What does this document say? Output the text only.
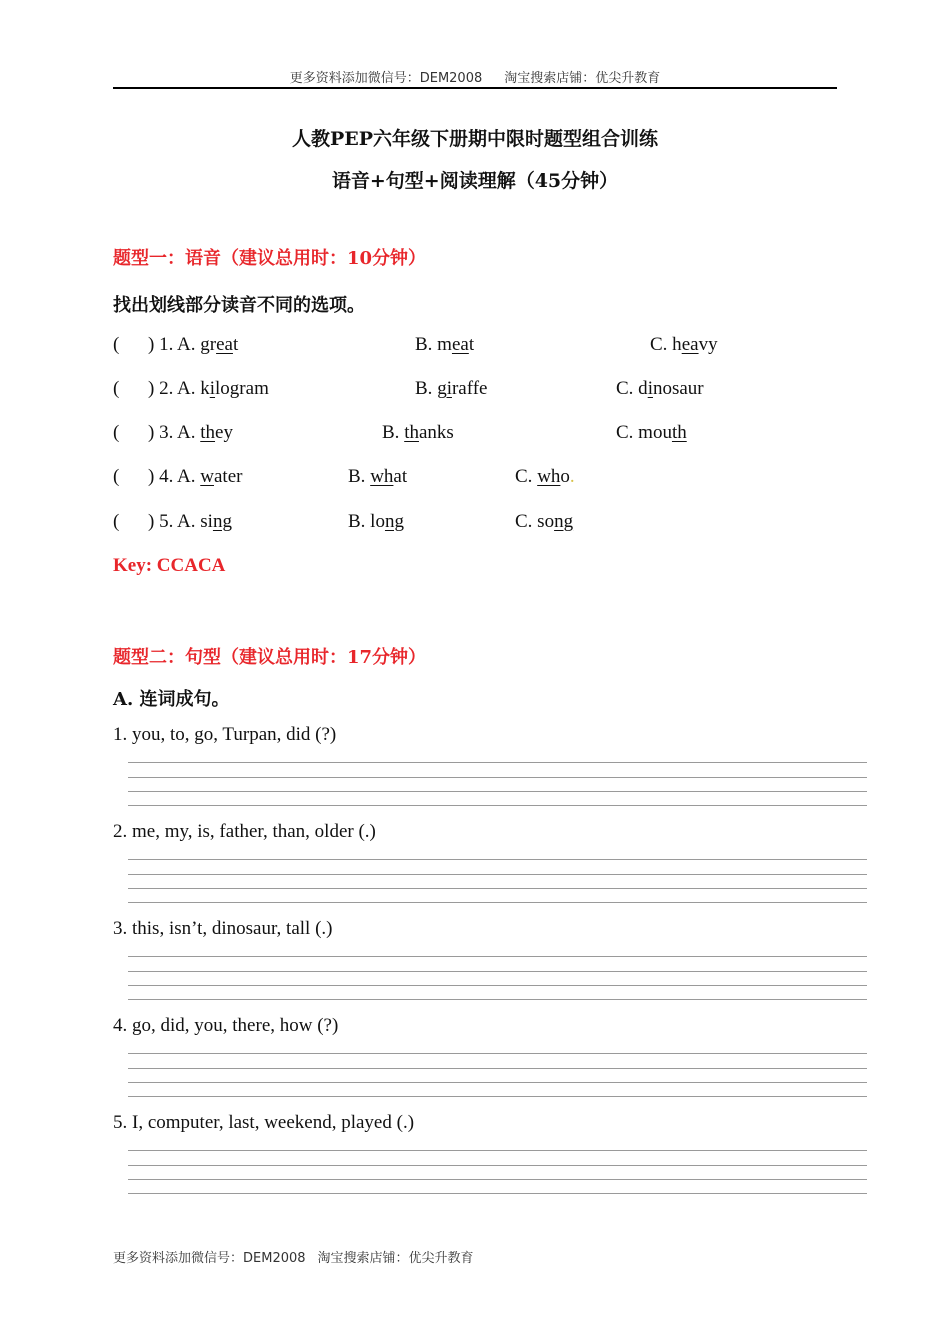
更多资料添加微信号：DEM2008 淘宝搜索店铺：优尖升教育
人教PEP六年级下册期中限时题型组合训练
语音+句型+阅读理解（45分钟）
题型一：语音（建议总用时：10分钟）
找出划线部分读音不同的选项。
( ) 1. A. great	B. meat	C. heavy
( ) 2. A. kilogram	B. giraffe	C. dinosaur
( ) 3. A. they	B. thanks	C. mouth
( ) 4. A. water	B. what	C. who.
( ) 5. A. sing	B. long	C. song
Key: CCACA
题型二：句型（建议总用时：17分钟）
A. 连词成句。
1. you, to, go, Turpan, did (?)
2. me, my, is, father, than, older (.)
3. this, isn’t, dinosaur, tall (.)
4. go, did, you, there, how (?)
5. I, computer, last, weekend, played (.)
更多资料添加微信号：DEM2008 淘宝搜索店铺：优尖升教育
